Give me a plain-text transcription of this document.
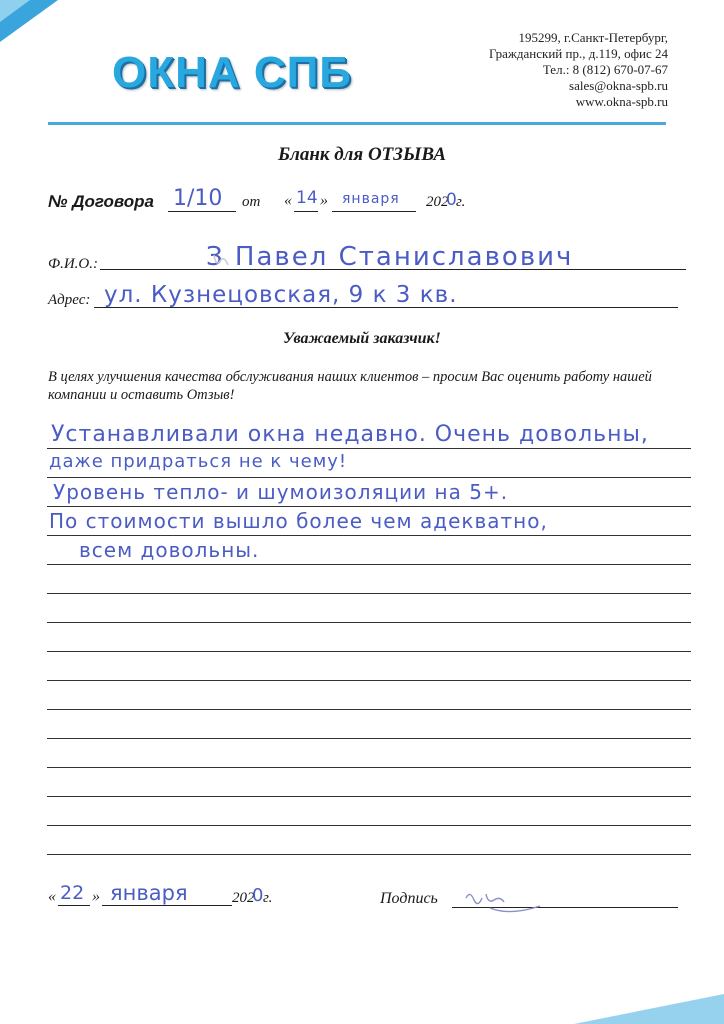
ОКНА СПБ
195299, г.Санкт-Петербург,
Гражданский пр., д.119, офис 24
Тел.: 8 (812) 670-07-67
sales@okna-spb.ru
www.okna-spb.ru
Бланк для ОТЗЫВА
№ Договора 1/10 от « 14 » января 202
0 г.
Ф.И.О.:	З Павел Станиславович
Адрес: ул. Кузнецовская, 9 к 3 кв.
Уважаемый заказчик!
В целях улучшения качества обслуживания наших клиентов – просим Вас оценить работу нашей компании и оставить Отзыв!
Устанавливали окна недавно. Очень довольны,
даже придраться не к чему!
Уровень тепло- и шумоизоляции на 5+.
По стоимости вышло более чем адекватно,
всем довольны.
« 22 » января	202
0 г.	Подпись
